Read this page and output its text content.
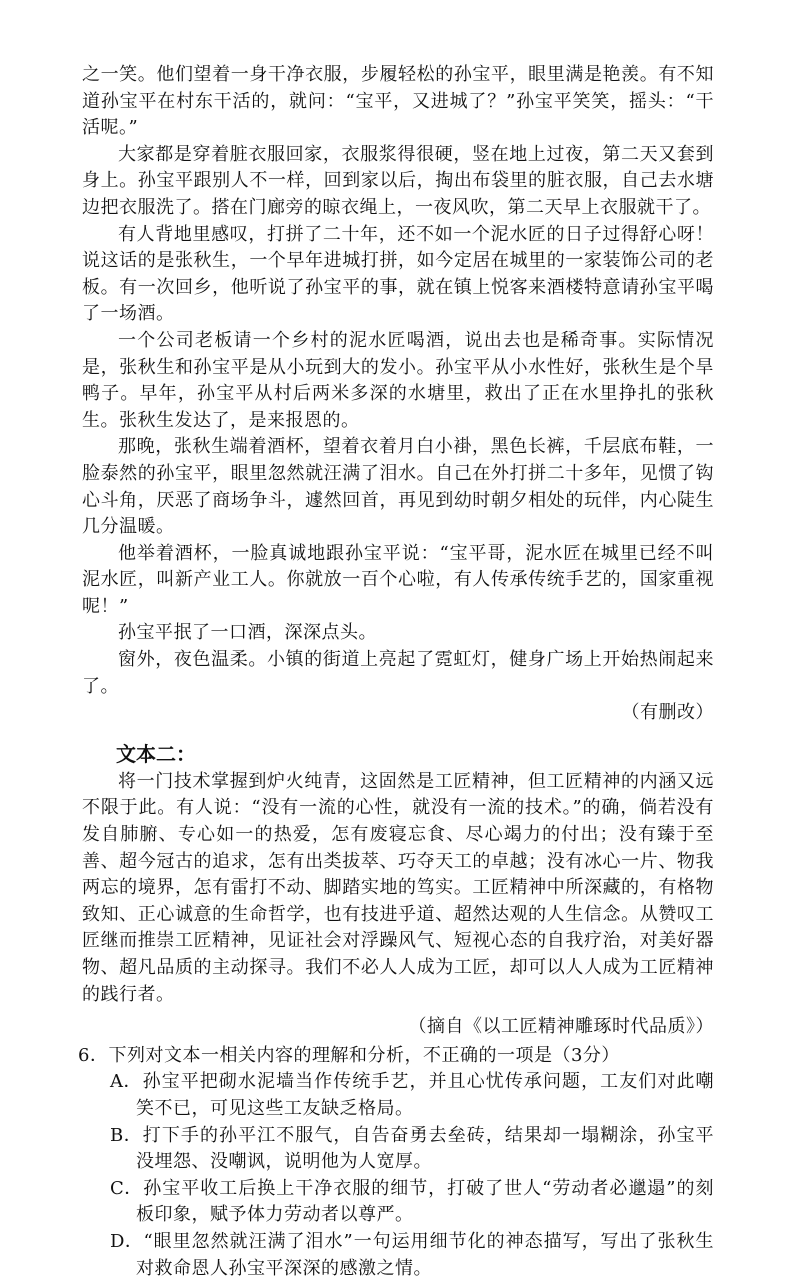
之一笑。他们望着一身干净衣服，步履轻松的孙宝平，眼里满是艳羡。有不知道孙宝平在村东干活的，就问：“宝平，又进城了？”孙宝平笑笑，摇头：“干活呢。”

大家都是穿着脏衣服回家，衣服浆得很硬，竖在地上过夜，第二天又套到身上。孙宝平跟别人不一样，回到家以后，掏出布袋里的脏衣服，自己去水塘边把衣服洗了。搭在门廊旁的晾衣绳上，一夜风吹，第二天早上衣服就干了。

有人背地里感叹，打拼了二十年，还不如一个泥水匠的日子过得舒心呀！说这话的是张秋生，一个早年进城打拼，如今定居在城里的一家装饰公司的老板。有一次回乡，他听说了孙宝平的事，就在镇上悦客来酒楼特意请孙宝平喝了一场酒。

一个公司老板请一个乡村的泥水匠喝酒，说出去也是稀奇事。实际情况是，张秋生和孙宝平是从小玩到大的发小。孙宝平从小水性好，张秋生是个旱鸭子。早年，孙宝平从村后两米多深的水塘里，救出了正在水里挣扎的张秋生。张秋生发达了，是来报恩的。

那晚，张秋生端着酒杯，望着衣着月白小褂，黑色长裤，千层底布鞋，一脸泰然的孙宝平，眼里忽然就汪满了泪水。自己在外打拼二十多年，见惯了钩心斗角，厌恶了商场争斗，遽然回首，再见到幼时朝夕相处的玩伴，内心陡生几分温暖。

他举着酒杯，一脸真诚地跟孙宝平说：“宝平哥，泥水匠在城里已经不叫泥水匠，叫新产业工人。你就放一百个心啦，有人传承传统手艺的，国家重视呢！”

孙宝平抿了一口酒，深深点头。

窗外，夜色温柔。小镇的街道上亮起了霓虹灯，健身广场上开始热闹起来了。

（有删改）

文本二：

将一门技术掌握到炉火纯青，这固然是工匠精神，但工匠精神的内涵又远不限于此。有人说：“没有一流的心性，就没有一流的技术。”的确，倘若没有发自肺腑、专心如一的热爱，怎有废寝忘食、尽心竭力的付出；没有臻于至善、超今冠古的追求，怎有出类拔萃、巧夺天工的卓越；没有冰心一片、物我两忘的境界，怎有雷打不动、脚踏实地的笃实。工匠精神中所深藏的，有格物致知、正心诚意的生命哲学，也有技进乎道、超然达观的人生信念。从赞叹工匠继而推崇工匠精神，见证社会对浮躁风气、短视心态的自我疗治，对美好器物、超凡品质的主动探寻。我们不必人人成为工匠，却可以人人成为工匠精神的践行者。

（摘自《以工匠精神雕琢时代品质》）

6．下列对文本一相关内容的理解和分析，不正确的一项是（3分）

A．孙宝平把砌水泥墙当作传统手艺，并且心忧传承问题，工友们对此嘲笑不已，可见这些工友缺乏格局。

B．打下手的孙平江不服气，自告奋勇去垒砖，结果却一塌糊涂，孙宝平没埋怨、没嘲讽，说明他为人宽厚。

C．孙宝平收工后换上干净衣服的细节，打破了世人“劳动者必邋遢”的刻板印象，赋予体力劳动者以尊严。

D．“眼里忽然就汪满了泪水”一句运用细节化的神态描写，写出了张秋生对救命恩人孙宝平深深的感激之情。
